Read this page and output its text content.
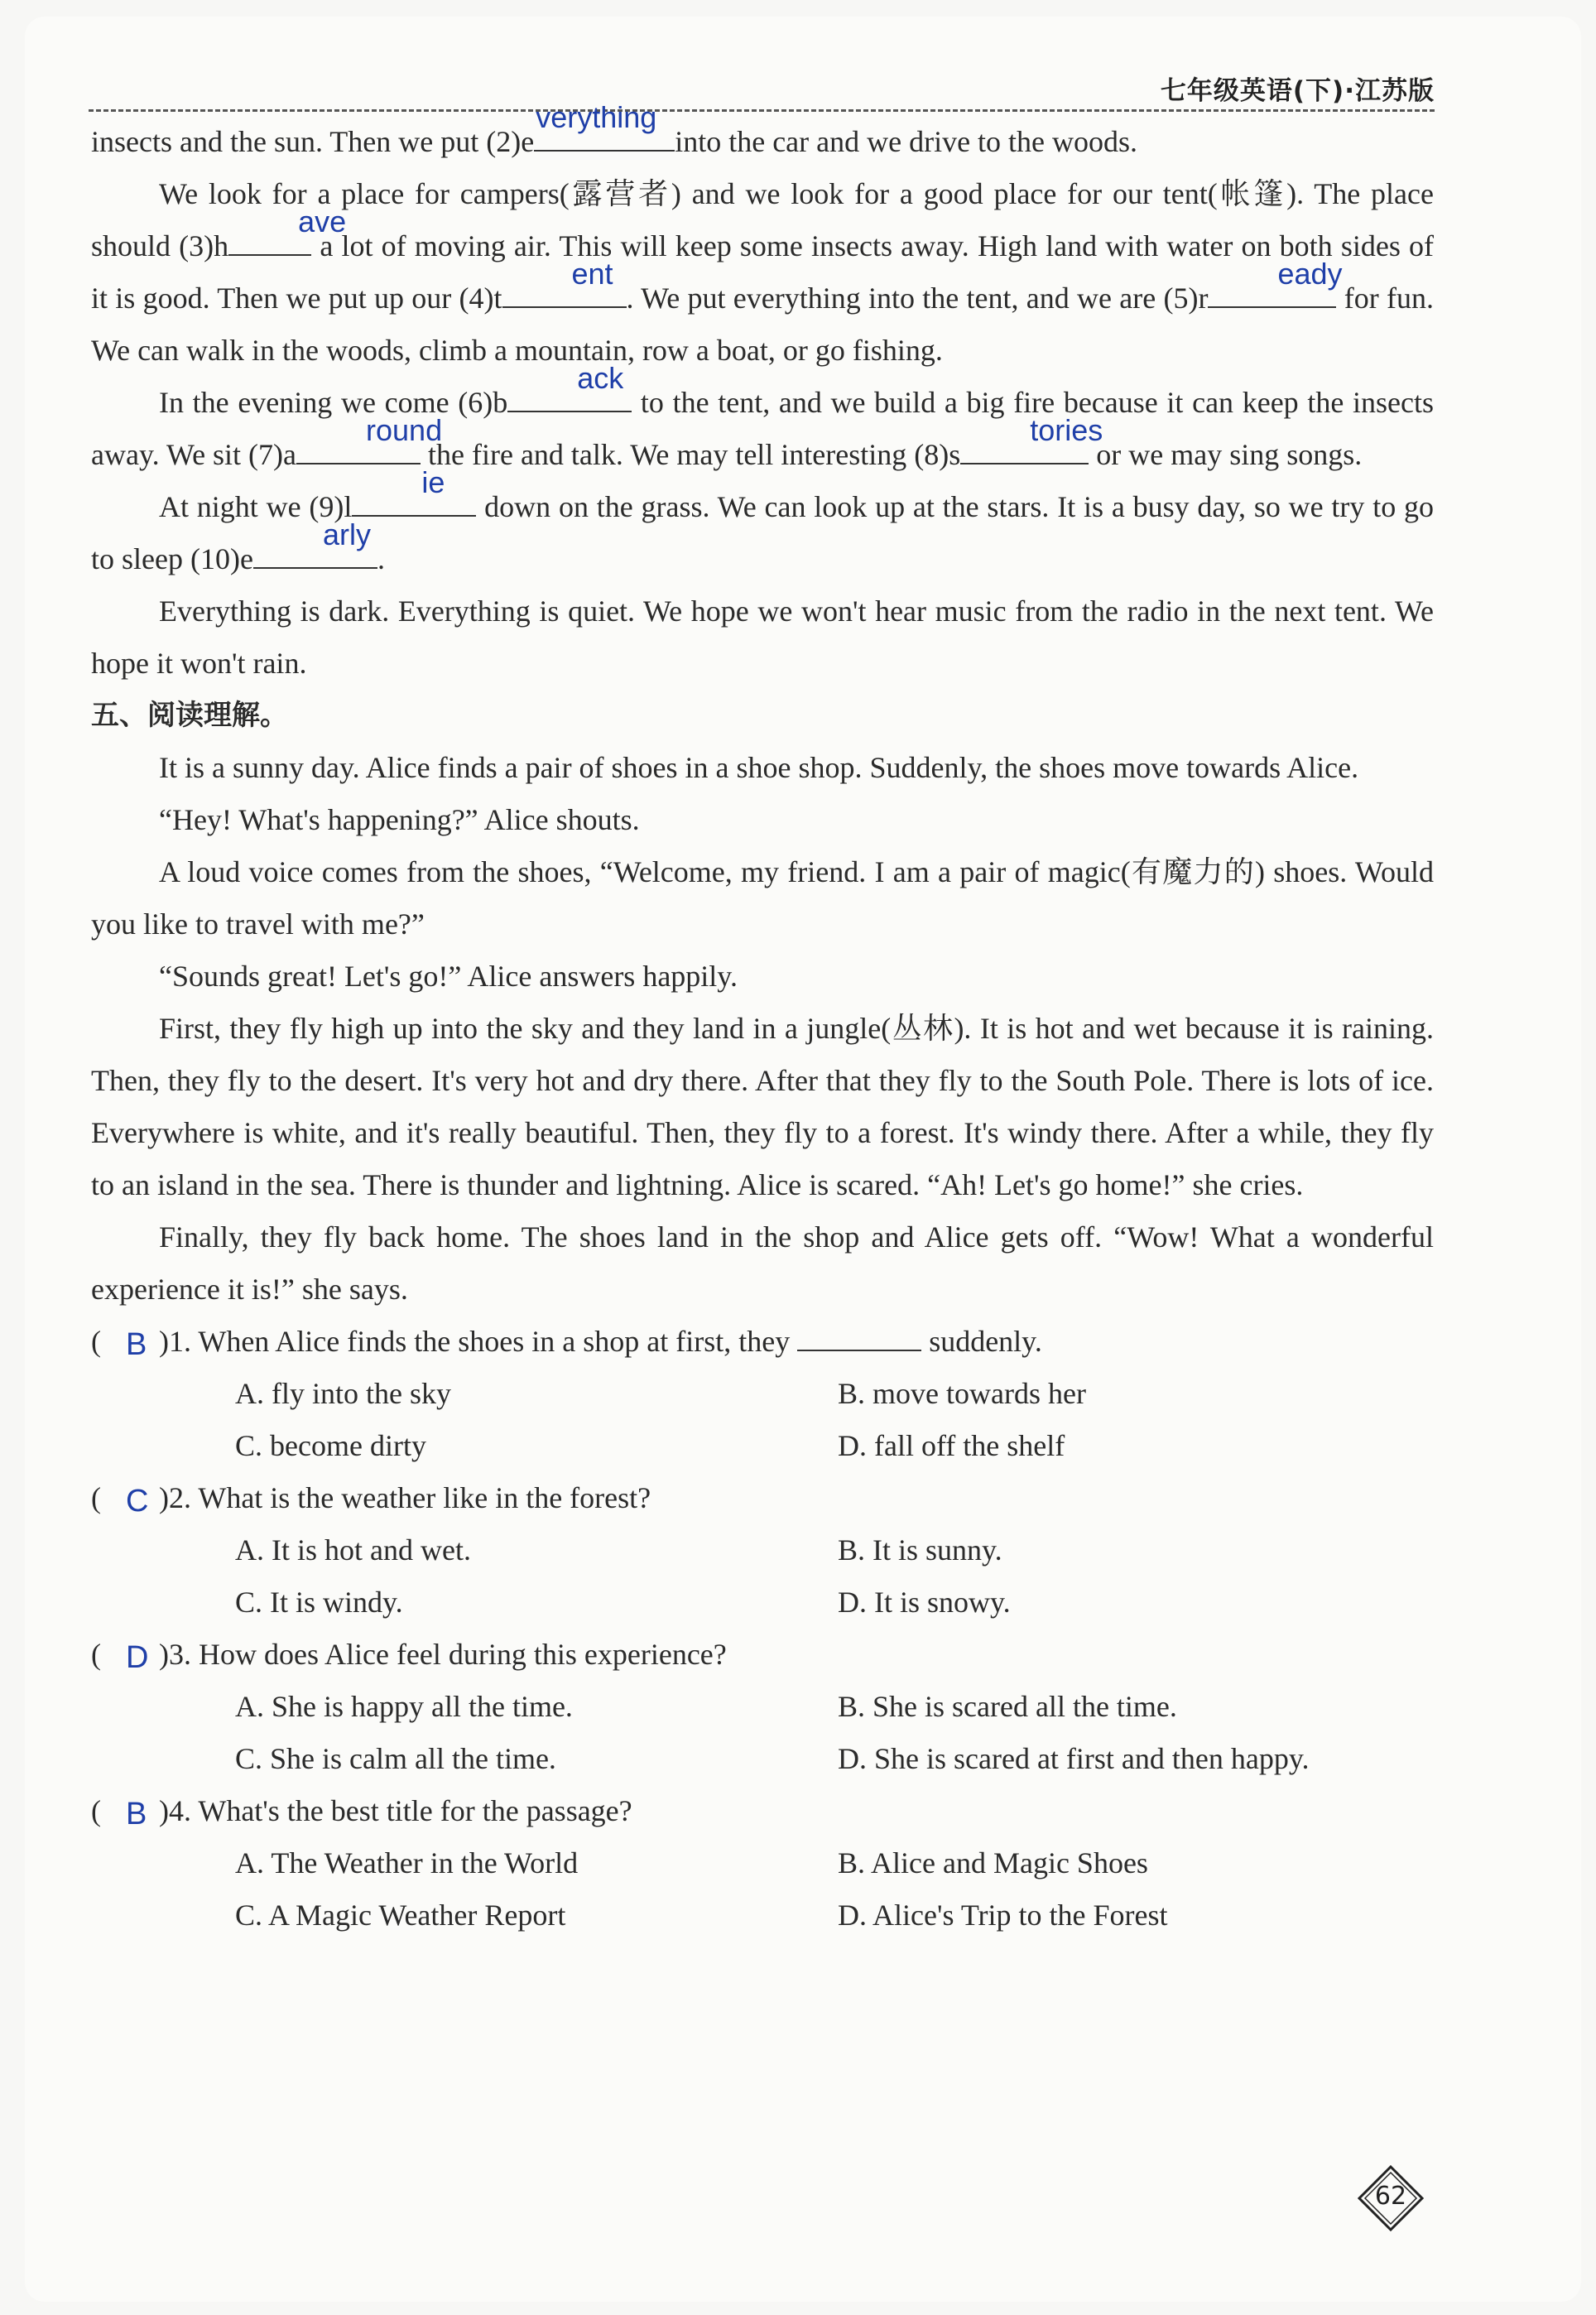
七年级英语(下)·江苏版

insects and the sun. Then we put (2)e
verything
into the car and we drive to the woods.

We look for a place for campers(露营者) and we look for a good place for our tent(帐篷). The place should (3)h
ave
a lot of moving air. This will keep some insects away. High land with water on both sides of it is good. Then we put up our (4)t
ent
. We put everything into the tent, and we are (5)r
eady
for fun. We can walk in the woods, climb a mountain, row a boat, or go fishing.

In the evening we come (6)b
ack
to the tent, and we build a big fire because it can keep the insects away. We sit (7)a
round
the fire and talk. We may tell interesting (8)s
tories
or we may sing songs.

At night we (9)l
ie
down on the grass. We can look up at the stars. It is a busy day, so we try to go to sleep (10)e
arly
.

Everything is dark. Everything is quiet. We hope we won't hear music from the radio in the next tent. We hope it won't rain.

五、阅读理解。

It is a sunny day. Alice finds a pair of shoes in a shoe shop. Suddenly, the shoes move towards Alice.

“Hey! What's happening?” Alice shouts.

A loud voice comes from the shoes, “Welcome, my friend. I am a pair of magic(有魔力的) shoes. Would you like to travel with me?”

“Sounds great! Let's go!” Alice answers happily.

First, they fly high up into the sky and they land in a jungle(丛林). It is hot and wet because it is raining. Then, they fly to the desert. It's very hot and dry there. After that they fly to the South Pole. There is lots of ice. Everywhere is white, and it's really beautiful. Then, they fly to a forest. It's windy there. After a while, they fly to an island in the sea. There is thunder and lightning. Alice is scared. “Ah! Let's go home!” she cries.

Finally, they fly back home. The shoes land in the shop and Alice gets off. “Wow! What a wonderful experience it is!” she says.

( B )1. When Alice finds the shoes in a shop at first, they	suddenly.
A. fly into the sky	B. move towards her
C. become dirty	D. fall off the shelf
( C )2. What is the weather like in the forest?
A. It is hot and wet.	B. It is sunny.
C. It is windy.	D. It is snowy.
( D )3. How does Alice feel during this experience?
A. She is happy all the time.	B. She is scared all the time.
C. She is calm all the time.	D. She is scared at first and then happy.
( B )4. What's the best title for the passage?
A. The Weather in the World	B. Alice and Magic Shoes
C. A Magic Weather Report	D. Alice's Trip to the Forest
62
